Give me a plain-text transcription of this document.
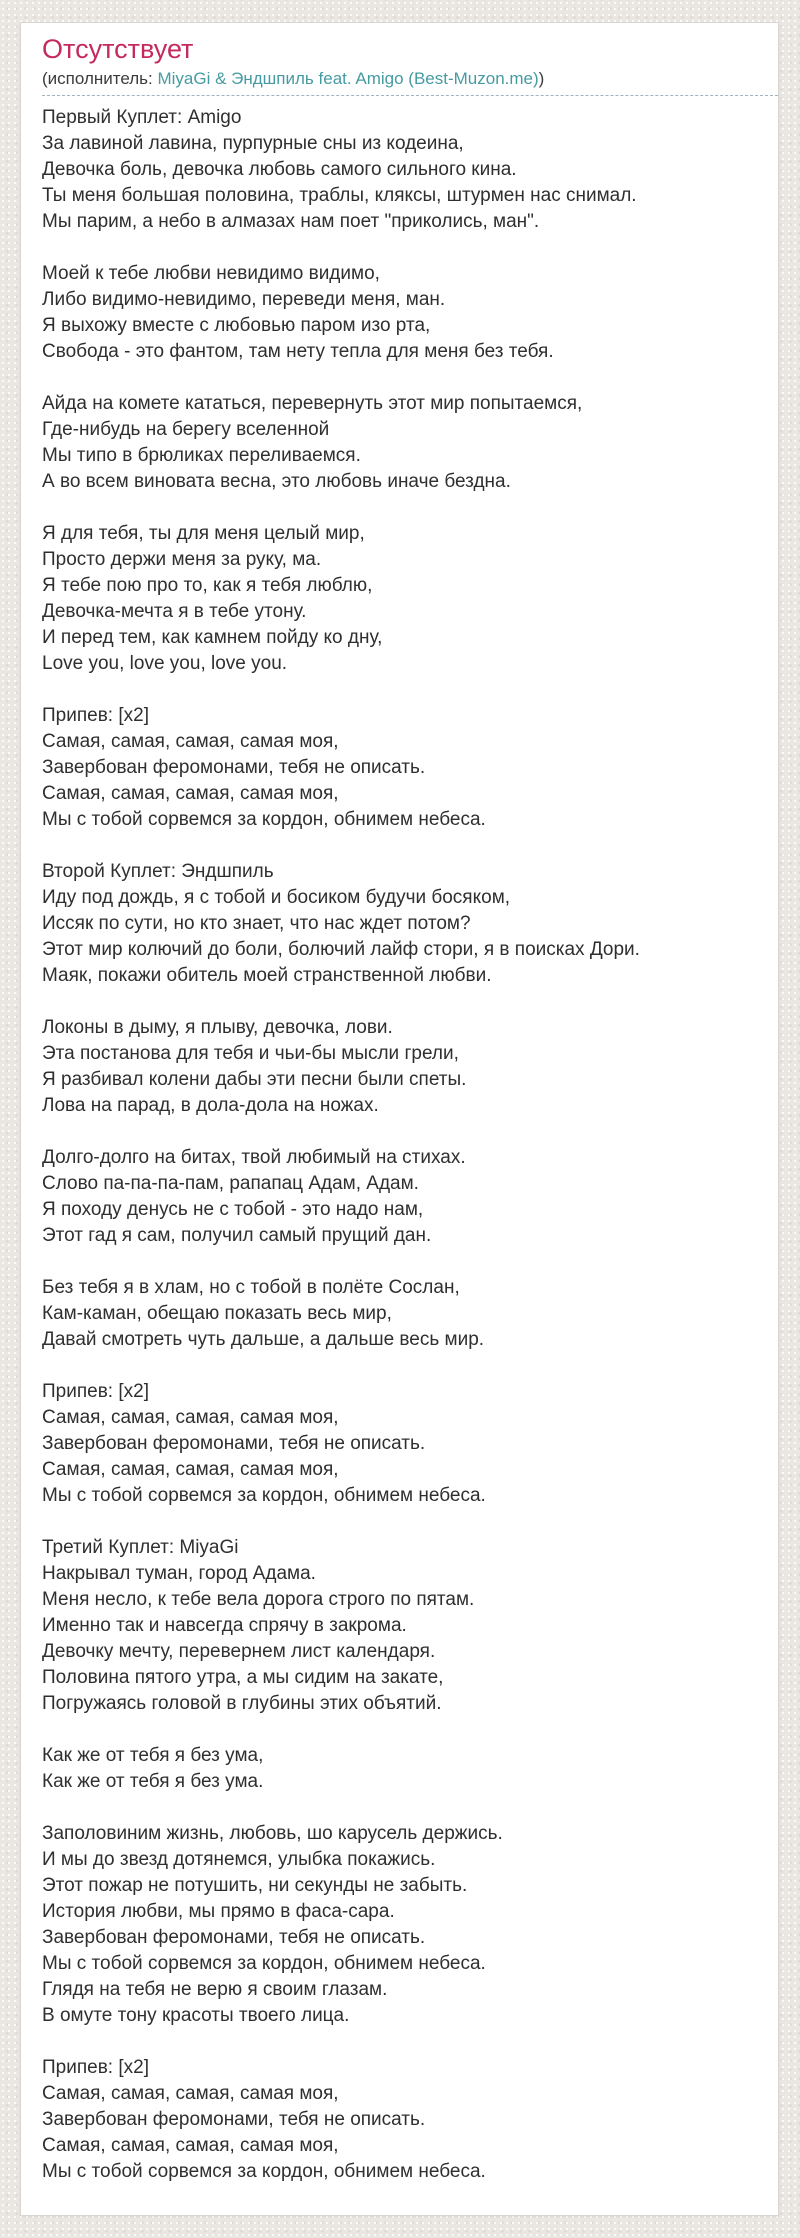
Отсутствует
(исполнитель: MiyaGi & Эндшпиль feat. Amigo (Best-Muzon.me))
Первый Куплет: Amigo
За лавиной лавина, пурпурные сны из кодеина,
Девочка боль, девочка любовь самого сильного кина.
Ты меня большая половина, траблы, кляксы, штурмен нас снимал.
Мы парим, а небо в алмазах нам поет "приколись, ман".

Моей к тебе любви невидимо видимо,
Либо видимо-невидимо, переведи меня, ман.
Я выхожу вместе с любовью паром изо рта,
Свобода - это фантом, там нету тепла для меня без тебя.

Айда на комете кататься, перевернуть этот мир попытаемся,
Где-нибудь на берегу вселенной
Мы типо в брюликах переливаемся.
А во всем виновата весна, это любовь иначе бездна.

Я для тебя, ты для меня целый мир,
Просто держи меня за руку, ма.
Я тебе пою про то, как я тебя люблю,
Девочка-мечта я в тебе утону.
И перед тем, как камнем пойду ко дну,
Love you, love you, love you.

Припев: [x2]
Самая, самая, самая, самая моя,
Завербован феромонами, тебя не описать.
Самая, самая, самая, самая моя,
Мы с тобой сорвемся за кордон, обнимем небеса.

Второй Куплет: Эндшпиль
Иду под дождь, я с тобой и босиком будучи босяком,
Иссяк по сути, но кто знает, что нас ждет потом?
Этот мир колючий до боли, болючий лайф стори, я в поисках Дори.
Маяк, покажи обитель моей странственной любви.

Локоны в дыму, я плыву, девочка, лови.
Эта постанова для тебя и чьи-бы мысли грели,
Я разбивал колени дабы эти песни были спеты.
Лова на парад, в дола-дола на ножах.

Долго-долго на битах, твой любимый на стихах.
Слово па-па-па-пам, рапапац Адам, Адам.
Я походу денусь не с тобой - это надо нам,
Этот гад я сам, получил самый прущий дан.

Без тебя я в хлам, но с тобой в полёте Сослан,
Кам-каман, обещаю показать весь мир,
Давай смотреть чуть дальше, а дальше весь мир.

Припев: [x2]
Самая, самая, самая, самая моя,
Завербован феромонами, тебя не описать.
Самая, самая, самая, самая моя,
Мы с тобой сорвемся за кордон, обнимем небеса.

Третий Куплет: MiyaGi
Накрывал туман, город Адама.
Меня несло, к тебе вела дорога строго по пятам.
Именно так и навсегда спрячу в закрома.
Девочку мечту, перевернем лист календаря.
Половина пятого утра, а мы сидим на закате,
Погружаясь головой в глубины этих объятий.

Как же от тебя я без ума,
Как же от тебя я без ума.

Заполовиним жизнь, любовь, шо карусель держись.
И мы до звезд дотянемся, улыбка покажись.
Этот пожар не потушить, ни секунды не забыть.
История любви, мы прямо в фаса-сара.
Завербован феромонами, тебя не описать.
Мы с тобой сорвемся за кордон, обнимем небеса.
Глядя на тебя не верю я своим глазам.
В омуте тону красоты твоего лица.

Припев: [x2]
Самая, самая, самая, самая моя,
Завербован феромонами, тебя не описать.
Самая, самая, самая, самая моя,
Мы с тобой сорвемся за кордон, обнимем небеса.
